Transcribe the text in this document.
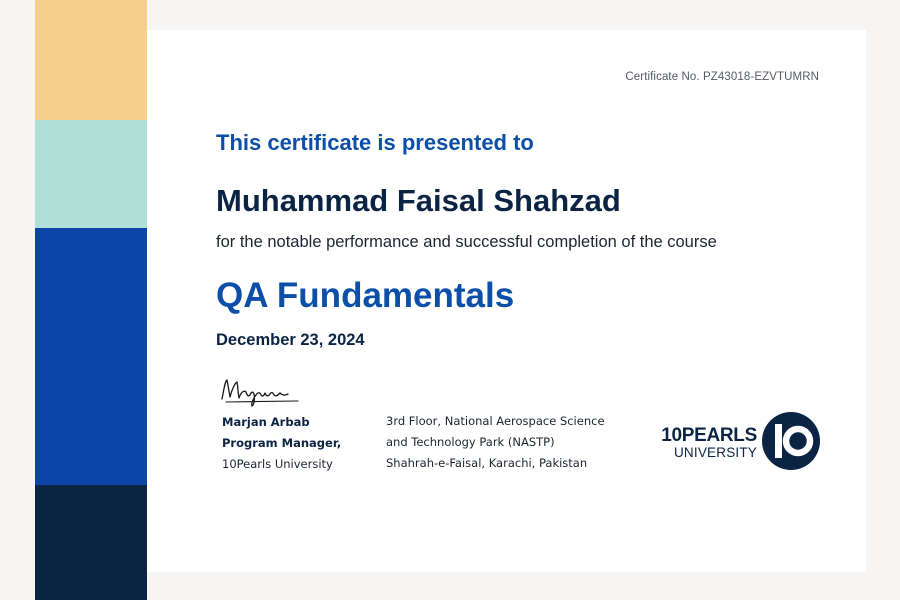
Certificate No. PZ43018-EZVTUMRN
This certificate is presented to
Muhammad Faisal Shahzad
for the notable performance and successful completion of the course
QA Fundamentals
December 23, 2024
Marjan Arbab
Program Manager,
10Pearls University
3rd Floor, National Aerospace Science
and Technology Park (NASTP)
Shahrah-e-Faisal, Karachi, Pakistan
10PEARLS
UNIVERSITY
